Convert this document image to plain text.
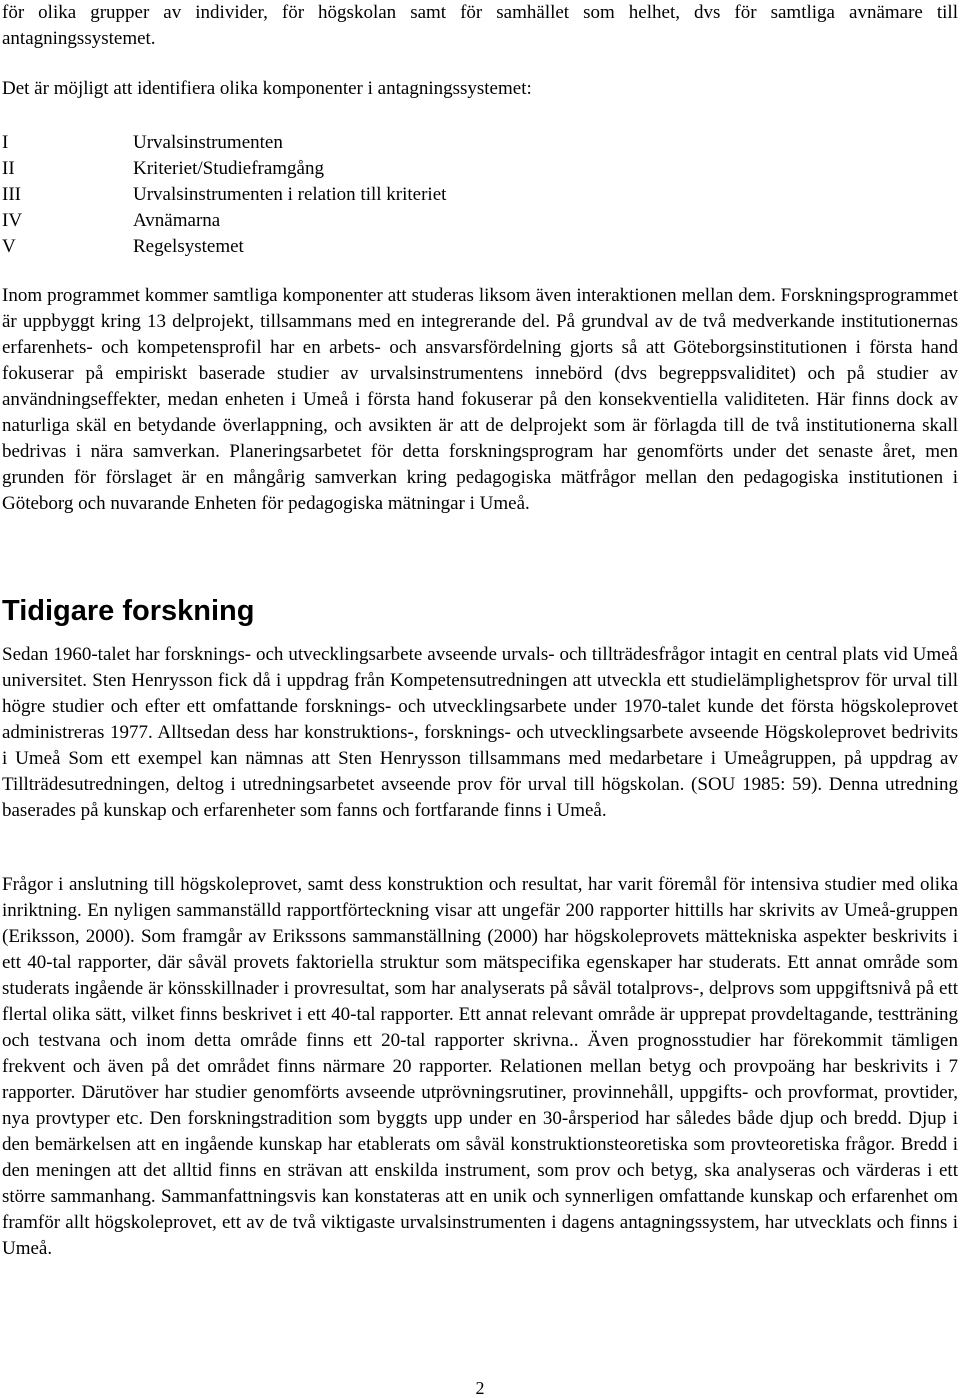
för olika grupper av individer, för högskolan samt för samhället som helhet, dvs för samtliga avnämare till antagningssystemet.

Det är möjligt att identifiera olika komponenter i antagningssystemet:

I	Urvalsinstrumenten
II	Kriteriet/Studieframgång
III	Urvalsinstrumenten i relation till kriteriet
IV	Avnämarna
V	Regelsystemet

Inom programmet kommer samtliga komponenter att studeras liksom även interaktionen mellan dem. Forskningsprogrammet är uppbyggt kring 13 delprojekt, tillsammans med en integrerande del. På grundval av de två medverkande institutionernas erfarenhets- och kompetensprofil har en arbets- och ansvarsfördelning gjorts så att Göteborgsinstitutionen i första hand fokuserar på empiriskt baserade studier av urvalsinstrumentens innebörd (dvs begreppsvaliditet) och på studier av användningseffekter, medan enheten i Umeå i första hand fokuserar på den konsekventiella validiteten. Här finns dock av naturliga skäl en betydande överlappning, och avsikten är att de delprojekt som är förlagda till de två institutionerna skall bedrivas i nära samverkan. Planeringsarbetet för detta forskningsprogram har genomförts under det senaste året, men grunden för förslaget är en mångårig samverkan kring pedagogiska mätfrågor mellan den pedagogiska institutionen i Göteborg och nuvarande Enheten för pedagogiska mätningar i Umeå.

Tidigare forskning

Sedan 1960-talet har forsknings- och utvecklingsarbete avseende urvals- och tillträdesfrågor intagit en central plats vid Umeå universitet. Sten Henrysson fick då i uppdrag från Kompetensutredningen att utveckla ett studielämplighetsprov för urval till högre studier och efter ett omfattande forsknings- och utvecklingsarbete under 1970-talet kunde det första högskoleprovet administreras 1977. Alltsedan dess har konstruktions-, forsknings- och utvecklingsarbete avseende Högskoleprovet bedrivits i Umeå Som ett exempel kan nämnas att Sten Henrysson tillsammans med medarbetare i Umeågruppen, på uppdrag av Tillträdesutredningen, deltog i utredningsarbetet avseende prov för urval till högskolan. (SOU 1985: 59). Denna utredning baserades på kunskap och erfarenheter som fanns och fortfarande finns i Umeå.

Frågor i anslutning till högskoleprovet, samt dess konstruktion och resultat, har varit föremål för intensiva studier med olika inriktning. En nyligen sammanställd rapportförteckning visar att ungefär 200 rapporter hittills har skrivits av Umeå-gruppen (Eriksson, 2000). Som framgår av Erikssons sammanställning (2000) har högskoleprovets mättekniska aspekter beskrivits i ett 40-tal rapporter, där såväl provets faktoriella struktur som mätspecifika egenskaper har studerats. Ett annat område som studerats ingående är könsskillnader i provresultat, som har analyserats på såväl totalprovs-, delprovs som uppgiftsnivå på ett flertal olika sätt, vilket finns beskrivet i ett 40-tal rapporter. Ett annat relevant område är upprepat provdeltagande, testträning och testvana och inom detta område finns ett 20-tal rapporter skrivna.. Även prognosstudier har förekommit tämligen frekvent och även på det området finns närmare 20 rapporter. Relationen mellan betyg och provpoäng har beskrivits i 7 rapporter. Därutöver har studier genomförts avseende utprövningsrutiner, provinnehåll, uppgifts- och provformat, provtider, nya provtyper etc. Den forskningstradition som byggts upp under en 30-årsperiod har således både djup och bredd. Djup i den bemärkelsen att en ingående kunskap har etablerats om såväl konstruktionsteoretiska som provteoretiska frågor. Bredd i den meningen att det alltid finns en strävan att enskilda instrument, som prov och betyg, ska analyseras och värderas i ett större sammanhang. Sammanfattningsvis kan konstateras att en unik och synnerligen omfattande kunskap och erfarenhet om framför allt högskoleprovet, ett av de två viktigaste urvalsinstrumenten i dagens antagningssystem, har utvecklats och finns i Umeå.

2
